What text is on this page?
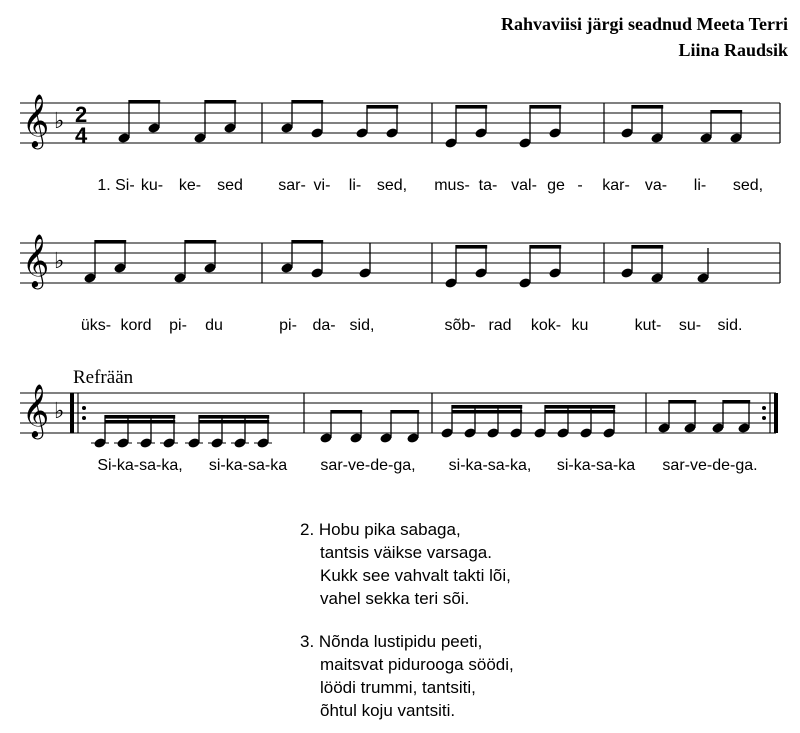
Rahvaviisi järgi seadnud Meeta Terri
Liina Raudsik
𝄞 ♭ 2
4
1. Si- ku- ke- sed sar- vi- li- sed, mus- ta- val- ge - kar- va- li- sed,
𝄞 ♭
üks- kord pi- du	pi- da- sid,	sõb- rad kok- ku	kut- su- sid.
𝄞 ♭
Si-ka-sa-ka, si-ka-sa-ka sar-ve-de-ga, si-ka-sa-ka, si-ka-sa-ka sar-ve-de-ga.
Refrään
2. Hobu pika sabaga,
tantsis väikse varsaga.
Kukk see vahvalt takti lõi,
vahel sekka teri sõi.
3. Nõnda lustipidu peeti,
maitsvat piduroogа söödi,
löödi trummi, tantsiti,
õhtul koju vantsiti.
